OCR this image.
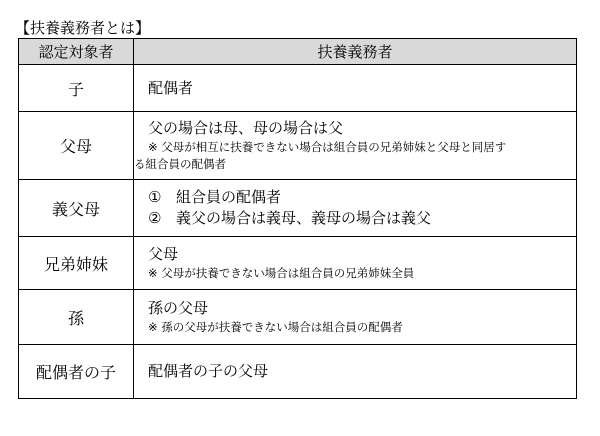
【扶養義務者とは】
認定対象者	扶養義務者
子	配偶者

父母	父の場合は母、母の場合は父
※ 父母が相互に扶養できない場合は組合員の兄弟姉妹と父母と同居す
る組合員の配偶者

義父母	① 組合員の配偶者
② 義父の場合は義母、義母の場合は義父

兄弟姉妹	父母
※ 父母が扶養できない場合は組合員の兄弟姉妹全員

孫	孫の父母
※ 孫の父母が扶養できない場合は組合員の配偶者

配偶者の子	配偶者の子の父母
